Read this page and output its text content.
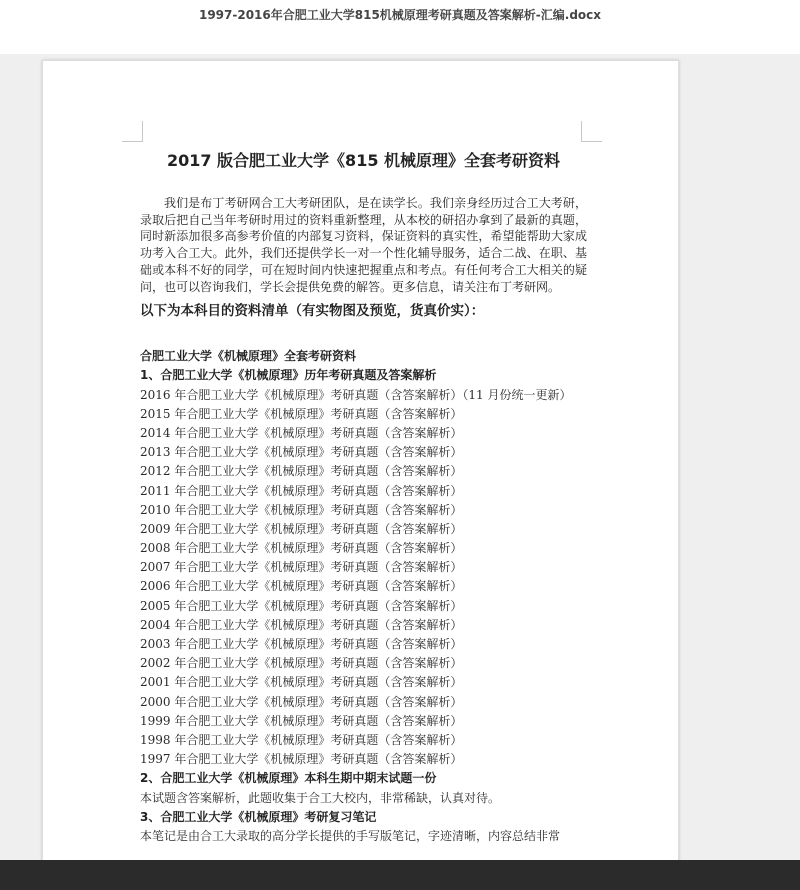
1997-2016年合肥工业大学815机械原理考研真题及答案解析-汇编.docx
2017 版合肥工业大学《815 机械原理》全套考研资料

我们是布丁考研网合工大考研团队，是在读学长。我们亲身经历过合工大考研，录取后把自己当年考研时用过的资料重新整理，从本校的研招办拿到了最新的真题，同时新添加很多高参考价值的内部复习资料，保证资料的真实性，希望能帮助大家成功考入合工大。此外，我们还提供学长一对一个性化辅导服务，适合二战、在职、基础或本科不好的同学，可在短时间内快速把握重点和考点。有任何考合工大相关的疑问，也可以咨询我们，学长会提供免费的解答。更多信息，请关注布丁考研网。

以下为本科目的资料清单（有实物图及预览，货真价实）：
合肥工业大学《机械原理》全套考研资料
1、合肥工业大学《机械原理》历年考研真题及答案解析
2016 年合肥工业大学《机械原理》考研真题（含答案解析）（11 月份统一更新）
2015 年合肥工业大学《机械原理》考研真题（含答案解析）
2014 年合肥工业大学《机械原理》考研真题（含答案解析）
2013 年合肥工业大学《机械原理》考研真题（含答案解析）
2012 年合肥工业大学《机械原理》考研真题（含答案解析）
2011 年合肥工业大学《机械原理》考研真题（含答案解析）
2010 年合肥工业大学《机械原理》考研真题（含答案解析）
2009 年合肥工业大学《机械原理》考研真题（含答案解析）
2008 年合肥工业大学《机械原理》考研真题（含答案解析）
2007 年合肥工业大学《机械原理》考研真题（含答案解析）
2006 年合肥工业大学《机械原理》考研真题（含答案解析）
2005 年合肥工业大学《机械原理》考研真题（含答案解析）
2004 年合肥工业大学《机械原理》考研真题（含答案解析）
2003 年合肥工业大学《机械原理》考研真题（含答案解析）
2002 年合肥工业大学《机械原理》考研真题（含答案解析）
2001 年合肥工业大学《机械原理》考研真题（含答案解析）
2000 年合肥工业大学《机械原理》考研真题（含答案解析）
1999 年合肥工业大学《机械原理》考研真题（含答案解析）
1998 年合肥工业大学《机械原理》考研真题（含答案解析）
1997 年合肥工业大学《机械原理》考研真题（含答案解析）
2、合肥工业大学《机械原理》本科生期中期末试题一份
本试题含答案解析，此题收集于合工大校内，非常稀缺，认真对待。
3、合肥工业大学《机械原理》考研复习笔记
本笔记是由合工大录取的高分学长提供的手写版笔记，字迹清晰，内容总结非常
